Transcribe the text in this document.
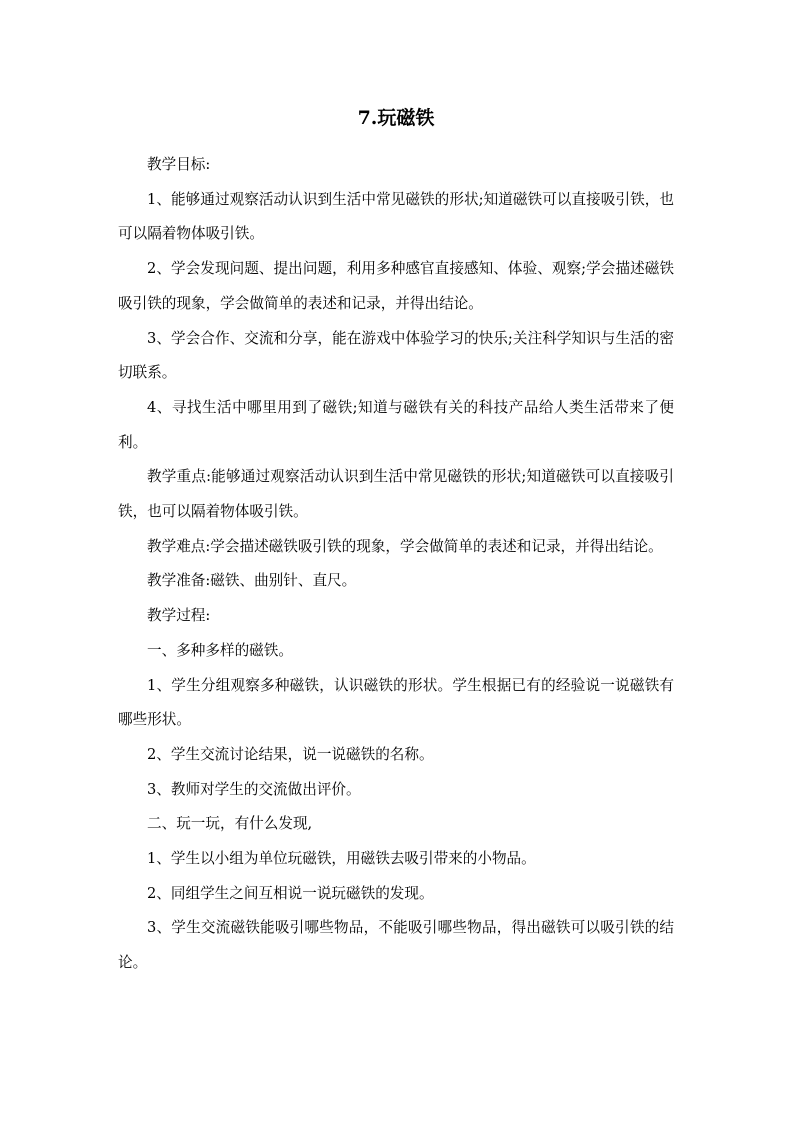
7.玩磁铁

教学目标:

1、能够通过观察活动认识到生活中常见磁铁的形状;知道磁铁可以直接吸引铁，也可以隔着物体吸引铁。

2、学会发现问题、提出问题，利用多种感官直接感知、体验、观察;学会描述磁铁吸引铁的现象，学会做简单的表述和记录，并得出结论。

3、学会合作、交流和分享，能在游戏中体验学习的快乐;关注科学知识与生活的密切联系。

4、寻找生活中哪里用到了磁铁;知道与磁铁有关的科技产品给人类生活带来了便利。

教学重点:能够通过观察活动认识到生活中常见磁铁的形状;知道磁铁可以直接吸引铁，也可以隔着物体吸引铁。

教学难点:学会描述磁铁吸引铁的现象，学会做简单的表述和记录，并得出结论。

教学准备:磁铁、曲别针、直尺。

教学过程:

一、多种多样的磁铁。

1、学生分组观察多种磁铁，认识磁铁的形状。学生根据已有的经验说一说磁铁有哪些形状。

2、学生交流讨论结果，说一说磁铁的名称。

3、教师对学生的交流做出评价。

二、玩一玩，有什么发现,

1、学生以小组为单位玩磁铁，用磁铁去吸引带来的小物品。

2、同组学生之间互相说一说玩磁铁的发现。

3、学生交流磁铁能吸引哪些物品，不能吸引哪些物品，得出磁铁可以吸引铁的结论。
